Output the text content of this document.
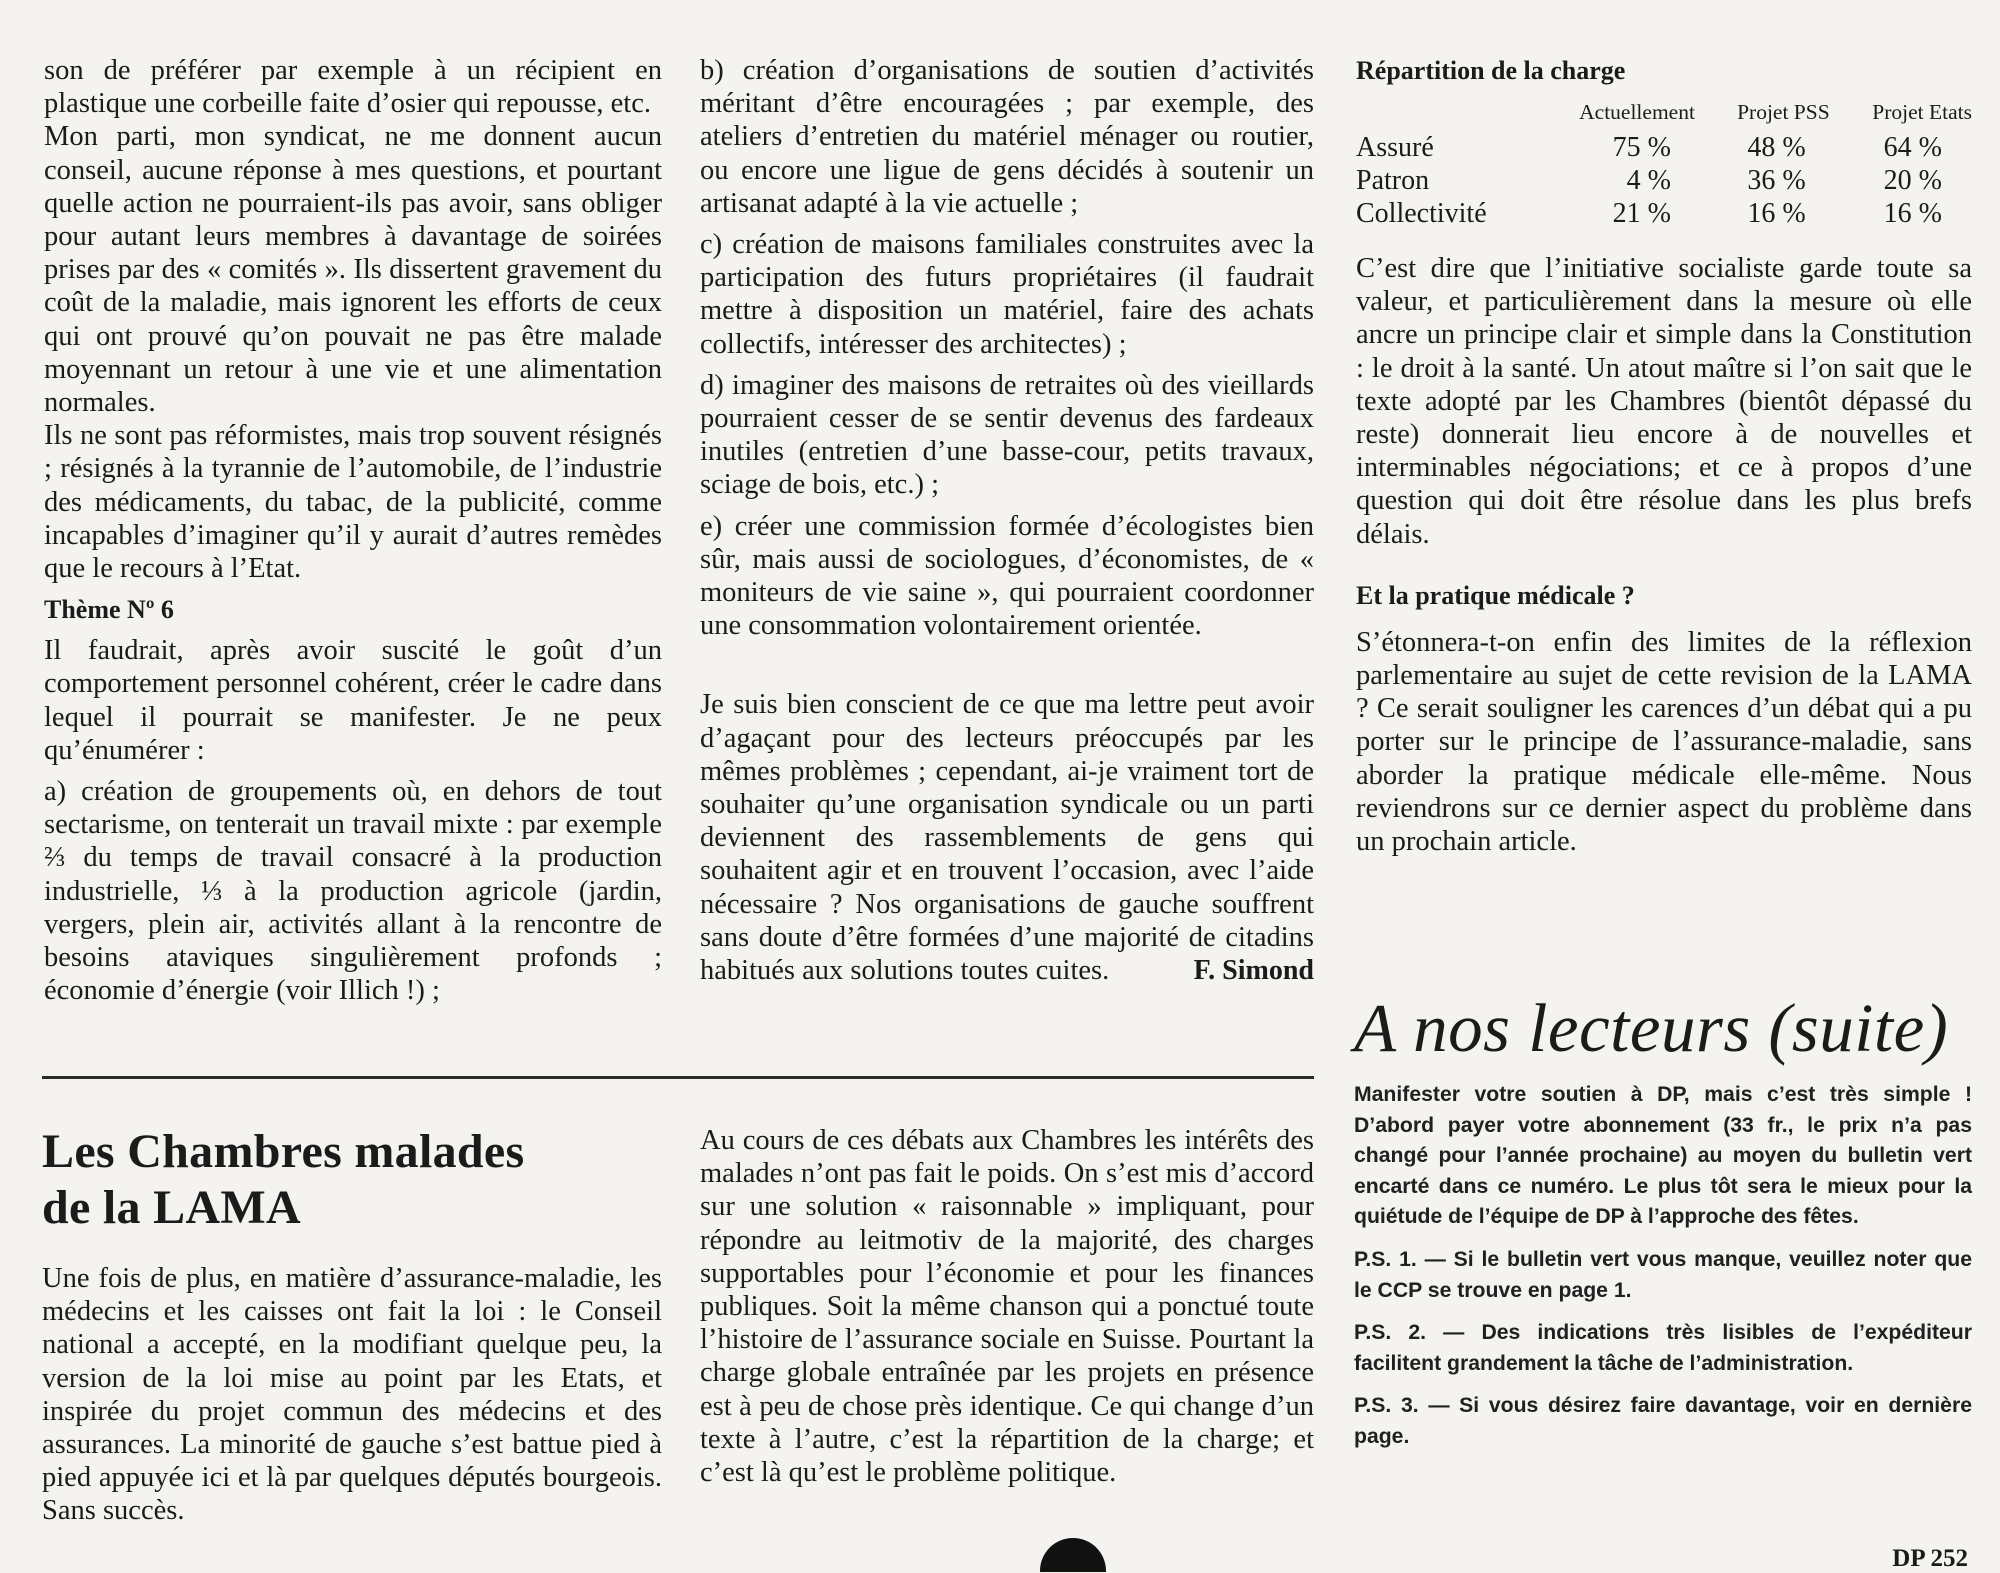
son de préférer par exemple à un récipient en plastique une corbeille faite d’osier qui repousse, etc.

Mon parti, mon syndicat, ne me donnent aucun conseil, aucune réponse à mes questions, et pourtant quelle action ne pourraient-ils pas avoir, sans obliger pour autant leurs membres à davantage de soirées prises par des « comités ». Ils dissertent gravement du coût de la maladie, mais ignorent les efforts de ceux qui ont prouvé qu’on pouvait ne pas être malade moyennant un retour à une vie et une alimentation normales.

Ils ne sont pas réformistes, mais trop souvent résignés ; résignés à la tyrannie de l’automobile, de l’industrie des médicaments, du tabac, de la publicité, comme incapables d’imaginer qu’il y aurait d’autres remèdes que le recours à l’Etat.

Thème Nº 6

Il faudrait, après avoir suscité le goût d’un comportement personnel cohérent, créer le cadre dans lequel il pourrait se manifester. Je ne peux qu’énumérer :

a) création de groupements où, en dehors de tout sectarisme, on tenterait un travail mixte : par exemple ⅔ du temps de travail consacré à la production industrielle, ⅓ à la production agricole (jardin, vergers, plein air, activités allant à la rencontre de besoins ataviques singulièrement profonds ; économie d’énergie (voir Illich !) ;

b) création d’organisations de soutien d’activités méritant d’être encouragées ; par exemple, des ateliers d’entretien du matériel ménager ou routier, ou encore une ligue de gens décidés à soutenir un artisanat adapté à la vie actuelle ;

c) création de maisons familiales construites avec la participation des futurs propriétaires (il faudrait mettre à disposition un matériel, faire des achats collectifs, intéresser des architectes) ;

d) imaginer des maisons de retraites où des vieillards pourraient cesser de se sentir devenus des fardeaux inutiles (entretien d’une basse-cour, petits travaux, sciage de bois, etc.) ;

e) créer une commission formée d’écologistes bien sûr, mais aussi de sociologues, d’économistes, de « moniteurs de vie saine », qui pourraient coordonner une consommation volontairement orientée.

Je suis bien conscient de ce que ma lettre peut avoir d’agaçant pour des lecteurs préoccupés par les mêmes problèmes ; cependant, ai-je vraiment tort de souhaiter qu’une organisation syndicale ou un parti deviennent des rassemblements de gens qui souhaitent agir et en trouvent l’occasion, avec l’aide nécessaire ? Nos organisations de gauche souffrent sans doute d’être formées d’une majorité de citadins habitués aux solutions toutes cuites.	F. Simond

Répartition de la charge

	Actuellement	Projet PSS	Projet Etats
Assuré	75 %	48 %	64 %
Patron	4 %	36 %	20 %
Collectivité	21 %	16 %	16 %

C’est dire que l’initiative socialiste garde toute sa valeur, et particulièrement dans la mesure où elle ancre un principe clair et simple dans la Constitution : le droit à la santé. Un atout maître si l’on sait que le texte adopté par les Chambres (bientôt dépassé du reste) donnerait lieu encore à de nouvelles et interminables négociations; et ce à propos d’une question qui doit être résolue dans les plus brefs délais.

Et la pratique médicale ?

S’étonnera-t-on enfin des limites de la réflexion parlementaire au sujet de cette revision de la LAMA ? Ce serait souligner les carences d’un débat qui a pu porter sur le principe de l’assurance-maladie, sans aborder la pratique médicale elle-même. Nous reviendrons sur ce dernier aspect du problème dans un prochain article.

Les Chambres malades

de la LAMA

Une fois de plus, en matière d’assurance-maladie, les médecins et les caisses ont fait la loi : le Conseil national a accepté, en la modifiant quelque peu, la version de la loi mise au point par les Etats, et inspirée du projet commun des médecins et des assurances. La minorité de gauche s’est battue pied à pied appuyée ici et là par quelques députés bourgeois. Sans succès.

Au cours de ces débats aux Chambres les intérêts des malades n’ont pas fait le poids. On s’est mis d’accord sur une solution « raisonnable » impliquant, pour répondre au leitmotiv de la majorité, des charges supportables pour l’économie et pour les finances publiques. Soit la même chanson qui a ponctué toute l’histoire de l’assurance sociale en Suisse. Pourtant la charge globale entraînée par les projets en présence est à peu de chose près identique. Ce qui change d’un texte à l’autre, c’est la répartition de la charge; et c’est là qu’est le problème politique.

A nos lecteurs (suite)

Manifester votre soutien à DP, mais c’est très simple ! D’abord payer votre abonnement (33 fr., le prix n’a pas changé pour l’année prochaine) au moyen du bulletin vert encarté dans ce numéro. Le plus tôt sera le mieux pour la quiétude de l’équipe de DP à l’approche des fêtes.

P.S. 1. — Si le bulletin vert vous manque, veuillez noter que le CCP se trouve en page 1.

P.S. 2. — Des indications très lisibles de l’expéditeur facilitent grandement la tâche de l’administration.

P.S. 3. — Si vous désirez faire davantage, voir en dernière page.

DP 252
